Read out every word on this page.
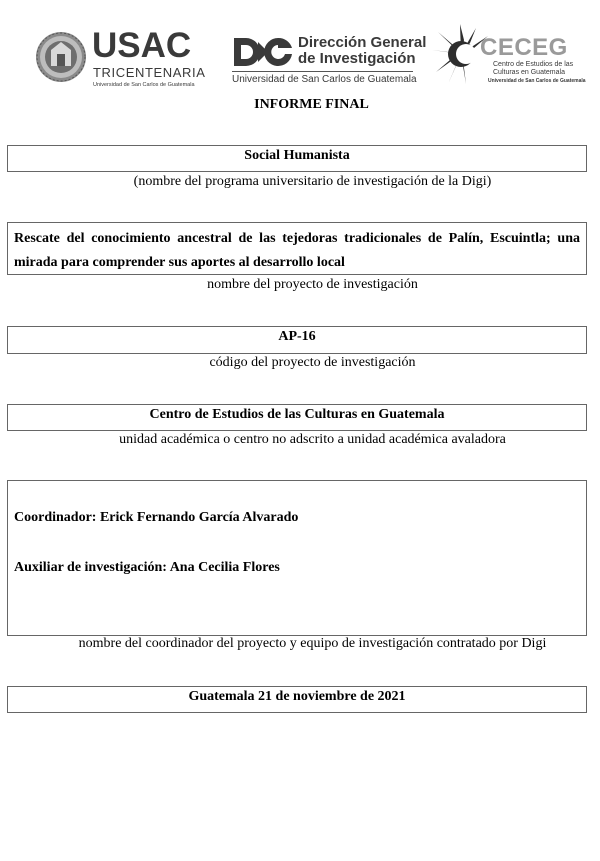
USAC
TRICENTENARIA
Universidad de San Carlos de Guatemala
Dirección General
de Investigación
Universidad de San Carlos de Guatemala
CECEG
Centro de Estudios de las
Culturas en Guatemala
Universidad de San Carlos de Guatemala
INFORME FINAL
Social Humanista
(nombre del programa universitario de investigación de la Digi)
Rescate del conocimiento ancestral de las tejedoras tradicionales de Palín, Escuintla; una mirada para comprender sus aportes al desarrollo local
nombre del proyecto de investigación
AP-16
código del proyecto de investigación
Centro de Estudios de las Culturas en Guatemala
unidad académica o centro no adscrito a unidad académica avaladora
Coordinador: Erick Fernando García Alvarado
Auxiliar de investigación: Ana Cecilia Flores
nombre del coordinador del proyecto y equipo de investigación contratado por Digi
Guatemala 21 de noviembre de 2021
